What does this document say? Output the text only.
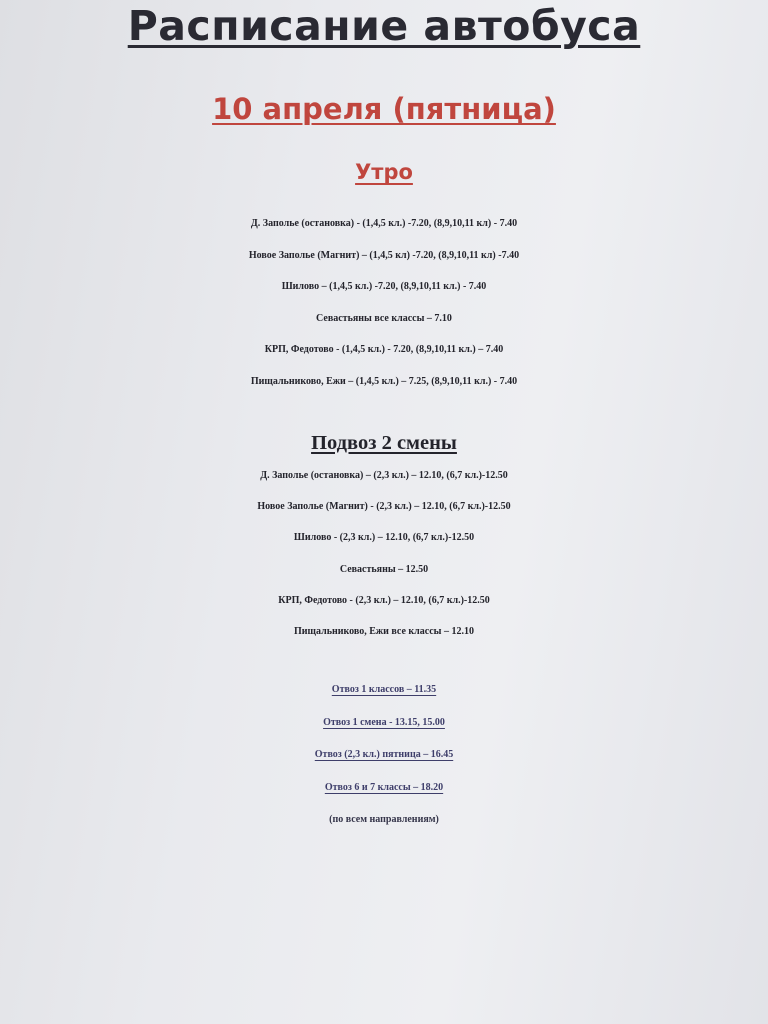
Расписание автобуса
10 апреля (пятница)
Утро
Д. Заполье (остановка) - (1,4,5 кл.) -7.20, (8,9,10,11 кл) - 7.40
Новое Заполье (Магнит) – (1,4,5 кл) -7.20, (8,9,10,11 кл) -7.40
Шилово – (1,4,5 кл.) -7.20, (8,9,10,11 кл.) - 7.40
Севастьяны все классы – 7.10
КРП, Федотово - (1,4,5 кл.) - 7.20, (8,9,10,11 кл.) – 7.40
Пищальниково, Ежи – (1,4,5 кл.) – 7.25, (8,9,10,11 кл.) - 7.40
Подвоз 2 смены
Д. Заполье (остановка) – (2,3 кл.) – 12.10, (6,7 кл.)-12.50
Новое Заполье (Магнит) - (2,3 кл.) – 12.10, (6,7 кл.)-12.50
Шилово - (2,3 кл.) – 12.10, (6,7 кл.)-12.50
Севастьяны – 12.50
КРП, Федотово - (2,3 кл.) – 12.10, (6,7 кл.)-12.50
Пищальниково, Ежи все классы – 12.10
Отвоз 1 классов – 11.35
Отвоз 1 смена - 13.15, 15.00
Отвоз (2,3 кл.) пятница – 16.45
Отвоз 6 и 7 классы – 18.20
(по всем направлениям)
